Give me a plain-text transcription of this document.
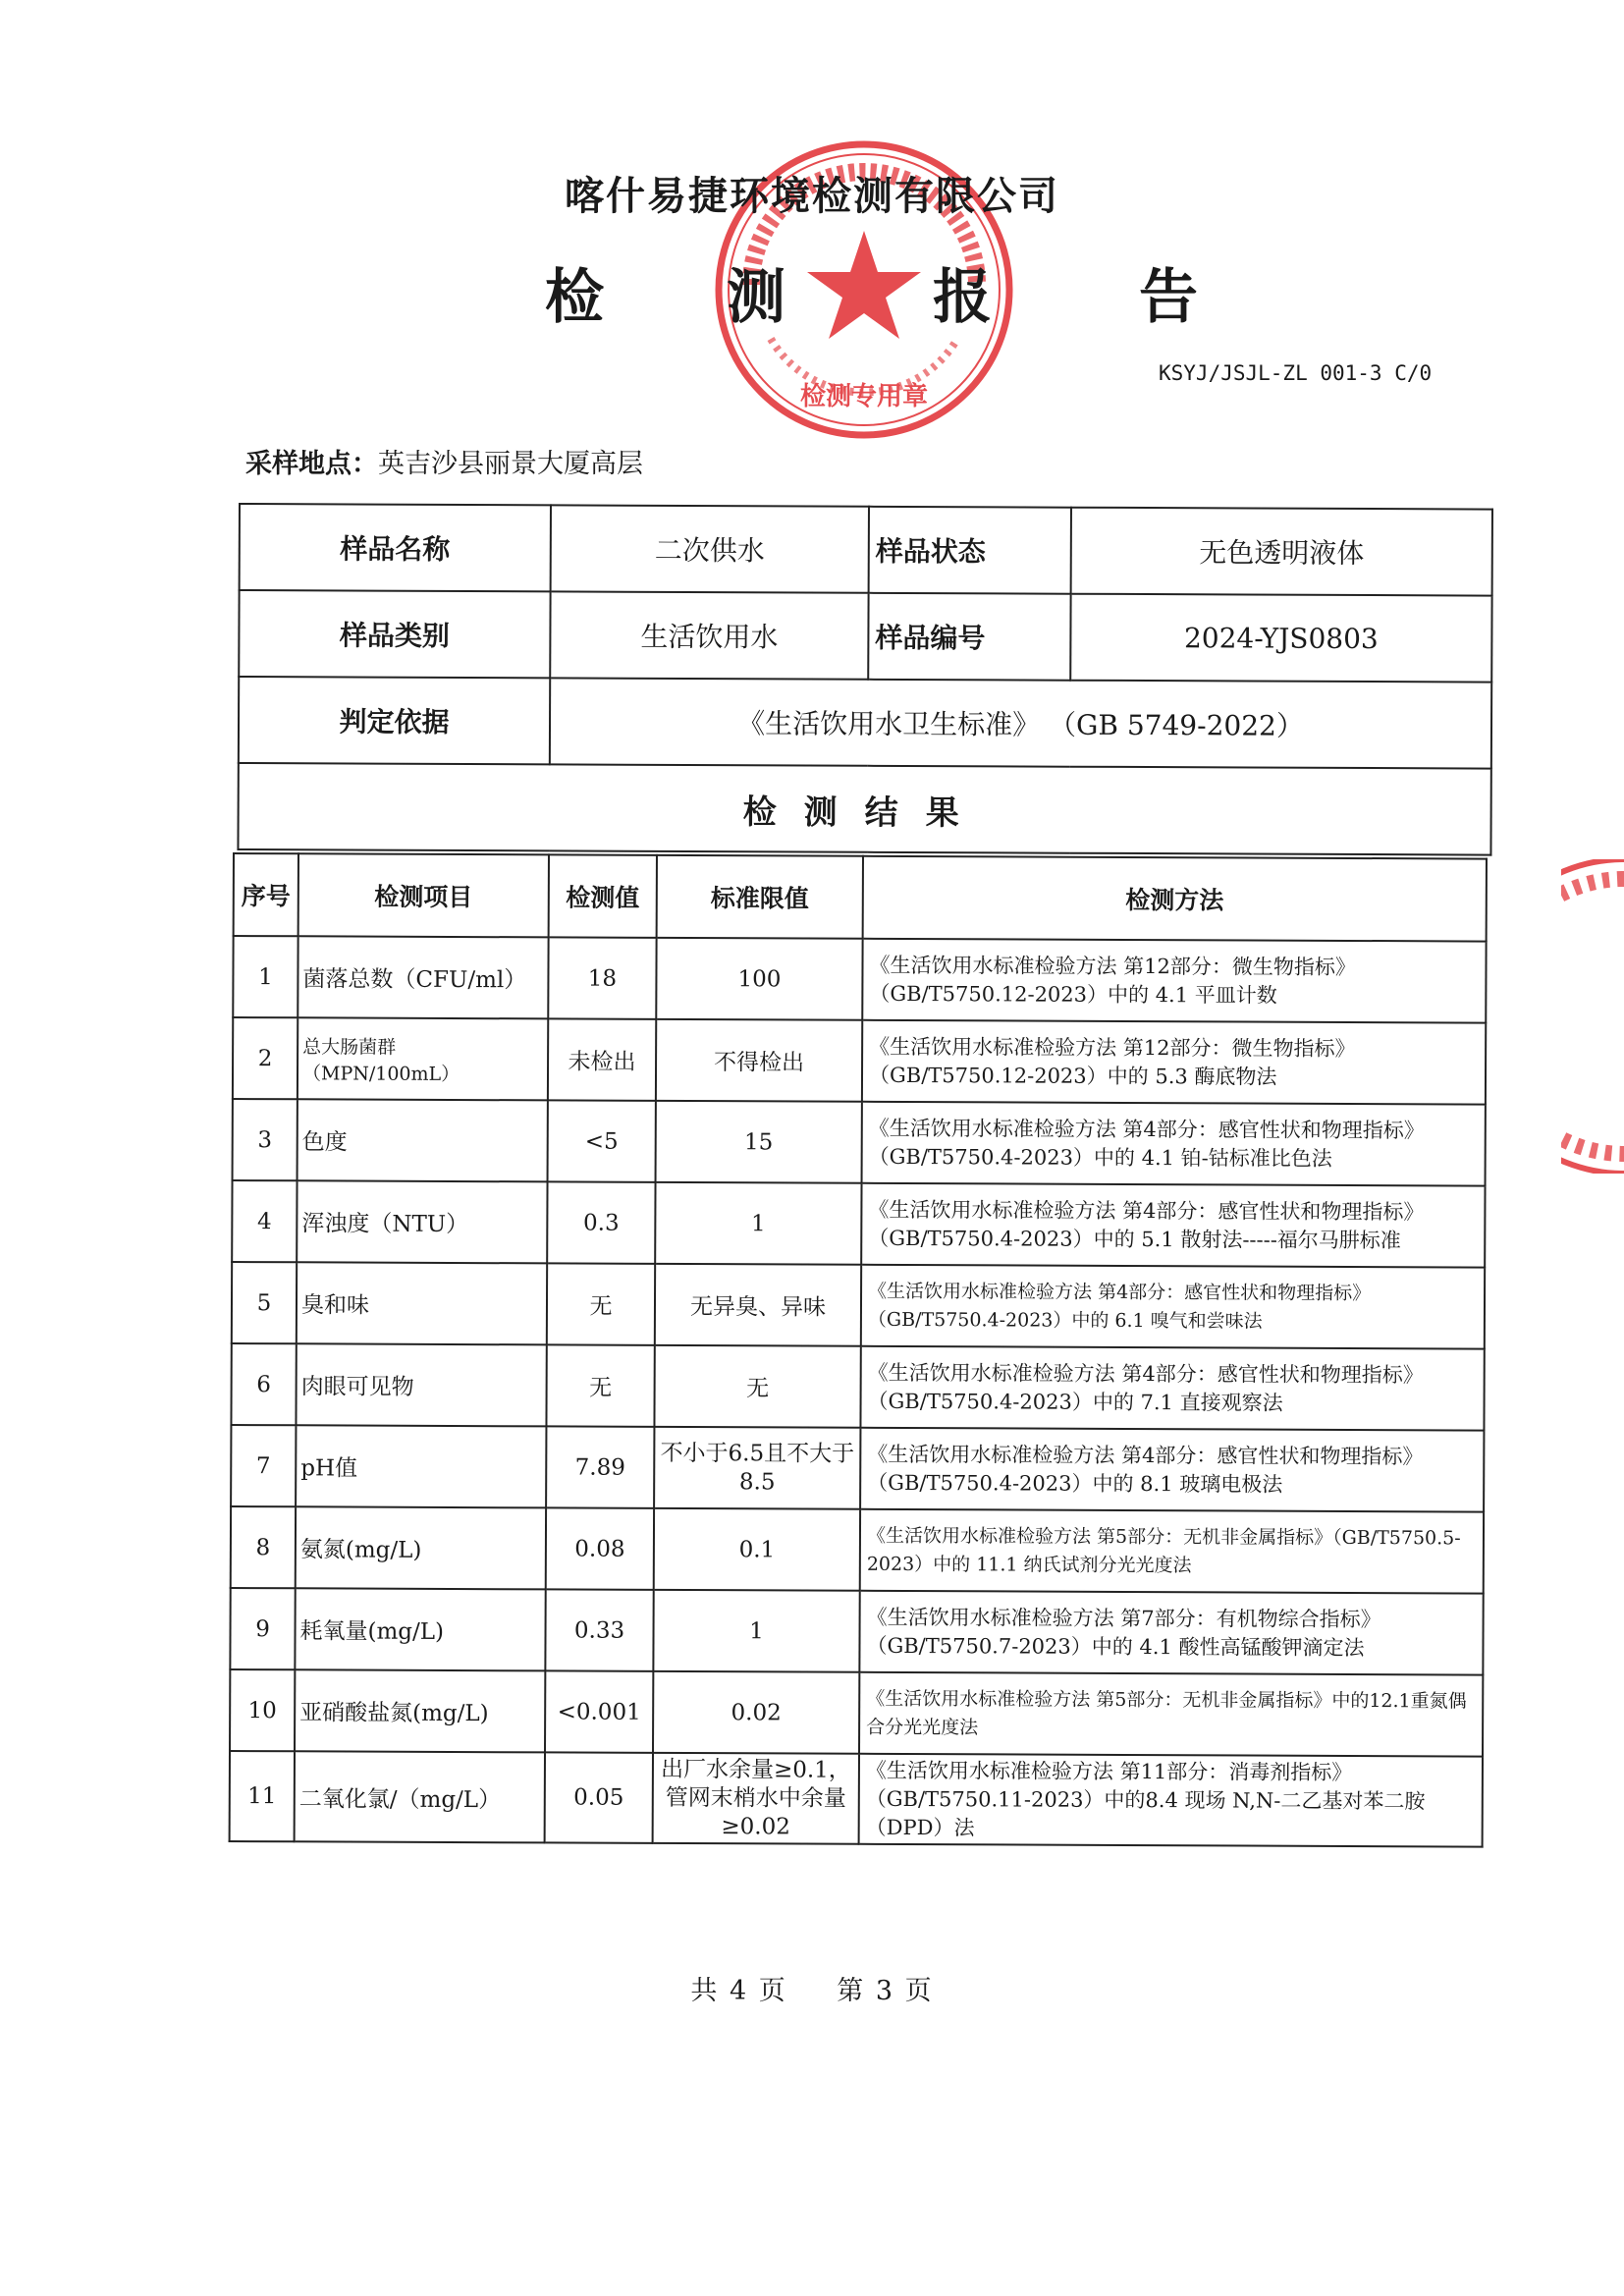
检测专用章
喀什易捷环境检测有限公司
检 测	报	告
KSYJ/JSJL-ZL 001-3 C/0
采样地点：英吉沙县丽景大厦高层
样品名称	二次供水	样品状态	无色透明液体
样品类别	生活饮用水	样品编号	2024-YJS0803
判定依据	《生活饮用水卫生标准》 （GB 5749-2022）		
检测结果			
序号	检测项目	检测值	标准限值	检测方法
1	菌落总数（CFU/ml）	18	100	《生活饮用水标准检验方法 第12部分：微生物指标》（GB/T5750.12-2023）中的 4.1 平皿计数
2	总大肠菌群（MPN/100mL）	未检出	不得检出	《生活饮用水标准检验方法 第12部分：微生物指标》（GB/T5750.12-2023）中的 5.3 酶底物法
3	色度	<5	15	《生活饮用水标准检验方法 第4部分：感官性状和物理指标》（GB/T5750.4-2023）中的 4.1 铂-钴标准比色法
4	浑浊度（NTU）	0.3	1	《生活饮用水标准检验方法 第4部分：感官性状和物理指标》（GB/T5750.4-2023）中的 5.1 散射法-----福尔马肼标准
5	臭和味	无	无异臭、异味	《生活饮用水标准检验方法 第4部分：感官性状和物理指标》（GB/T5750.4-2023）中的 6.1 嗅气和尝味法
6	肉眼可见物	无	无	《生活饮用水标准检验方法 第4部分：感官性状和物理指标》（GB/T5750.4-2023）中的 7.1 直接观察法
7	pH值	7.89	不小于6.5且不大于8.5	《生活饮用水标准检验方法 第4部分：感官性状和物理指标》（GB/T5750.4-2023）中的 8.1 玻璃电极法
8	氨氮(mg/L)	0.08	0.1	《生活饮用水标准检验方法 第5部分：无机非金属指标》（GB/T5750.5-2023）中的 11.1 纳氏试剂分光光度法
9	耗氧量(mg/L)	0.33	1	《生活饮用水标准检验方法 第7部分：有机物综合指标》（GB/T5750.7-2023）中的 4.1 酸性高锰酸钾滴定法
10	亚硝酸盐氮(mg/L)	<0.001	0.02	《生活饮用水标准检验方法 第5部分：无机非金属指标》中的12.1重氮偶合分光光度法
11	二氧化氯/（mg/L）	0.05	出厂水余量≥0.1，管网末梢水中余量≥0.02	《生活饮用水标准检验方法 第11部分：消毒剂指标》（GB/T5750.11-2023）中的8.4 现场 N,N-二乙基对苯二胺（DPD）法
共 4 页 第 3 页
